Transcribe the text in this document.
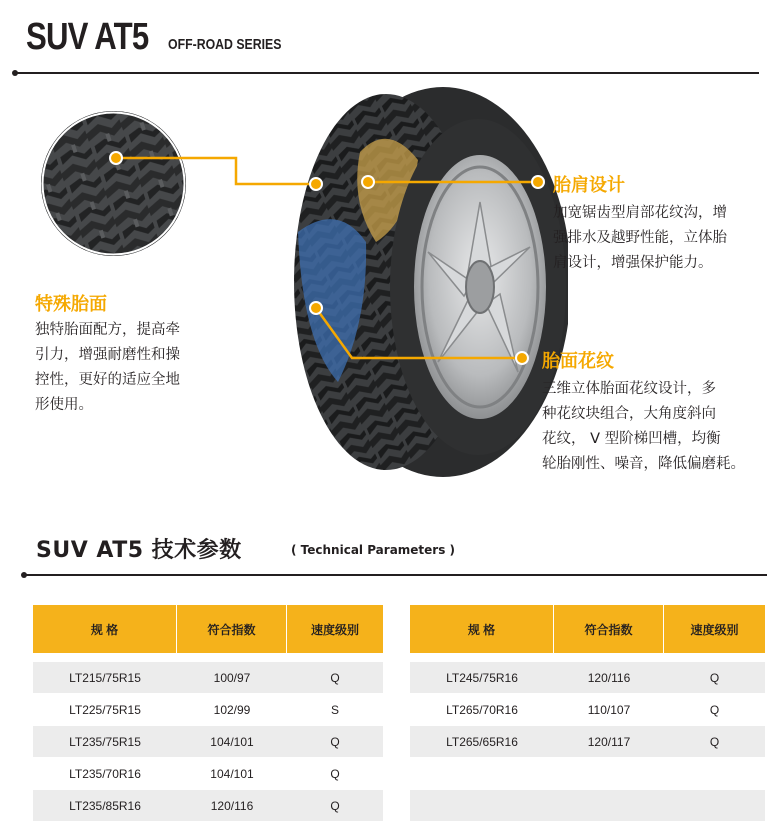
SUV AT5 OFF-ROAD SERIES
胎肩设计
加宽锯齿型肩部花纹沟，增
强排水及越野性能，立体胎
肩设计，增强保护能力。
特殊胎面
独特胎面配方，提高牵
引力，增强耐磨性和操
控性，更好的适应全地
形使用。
胎面花纹
三维立体胎面花纹设计，多
种花纹块组合，大角度斜向
花纹， V 型阶梯凹槽，均衡
轮胎刚性、噪音，降低偏磨耗。
SUV AT5 技术参数	( Technical Parameters )
规 格	符合指数	速度级别

LT215/75R15	100/97	Q
LT225/75R15	102/99	S
LT235/75R15	104/101	Q
LT235/70R16	104/101	Q
LT235/85R16	120/116	Q
规 格	符合指数	速度级别

LT245/75R16	120/116	Q
LT265/70R16	110/107	Q
LT265/65R16	120/117	Q
